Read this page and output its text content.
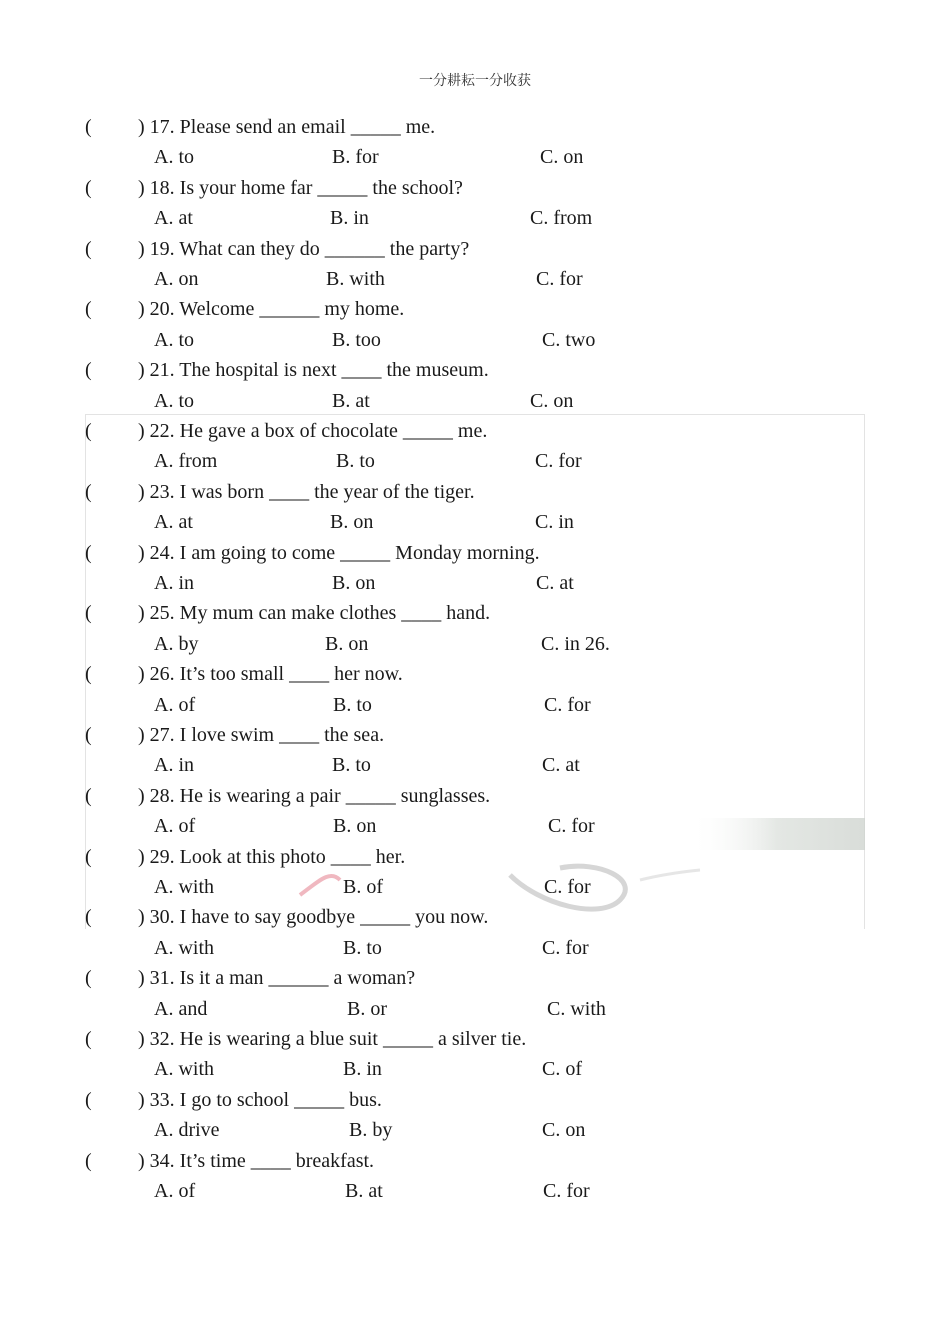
一分耕耘一分收获
( ) 17. Please send an email _____ me.
A. to	B. for	C. on
( ) 18. Is your home far _____ the school?
A. at	B. in	C. from
( ) 19. What can they do ______ the party?
A. on	B. with	C. for
( ) 20. Welcome ______ my home.
A. to	B. too	C. two
( ) 21. The hospital is next ____ the museum.
A. to	B. at	C. on
( ) 22. He gave a box of chocolate _____ me.
A. from	B. to	C. for
( ) 23. I was born ____ the year of the tiger.
A. at	B. on	C. in
( ) 24. I am going to come _____ Monday morning.
A. in	B. on	C. at
( ) 25. My mum can make clothes ____ hand.
A. by	B. on	C. in 26.
( ) 26. It’s too small ____ her now.
A. of	B. to	C. for
( ) 27. I love swim ____ the sea.
A. in	B. to	C. at
( ) 28. He is wearing a pair _____ sunglasses.
A. of	B. on	C. for
( ) 29. Look at this photo ____ her.
A. with	B. of	C. for
( ) 30. I have to say goodbye _____ you now.
A. with	B. to	C. for
( ) 31. Is it a man ______ a woman?
A. and	B. or	C. with
( ) 32. He is wearing a blue suit _____ a silver tie.
A. with	B. in	C. of
( ) 33. I go to school _____ bus.
A. drive	B. by	C. on
( ) 34. It’s time ____ breakfast.
A. of	B. at	C. for
